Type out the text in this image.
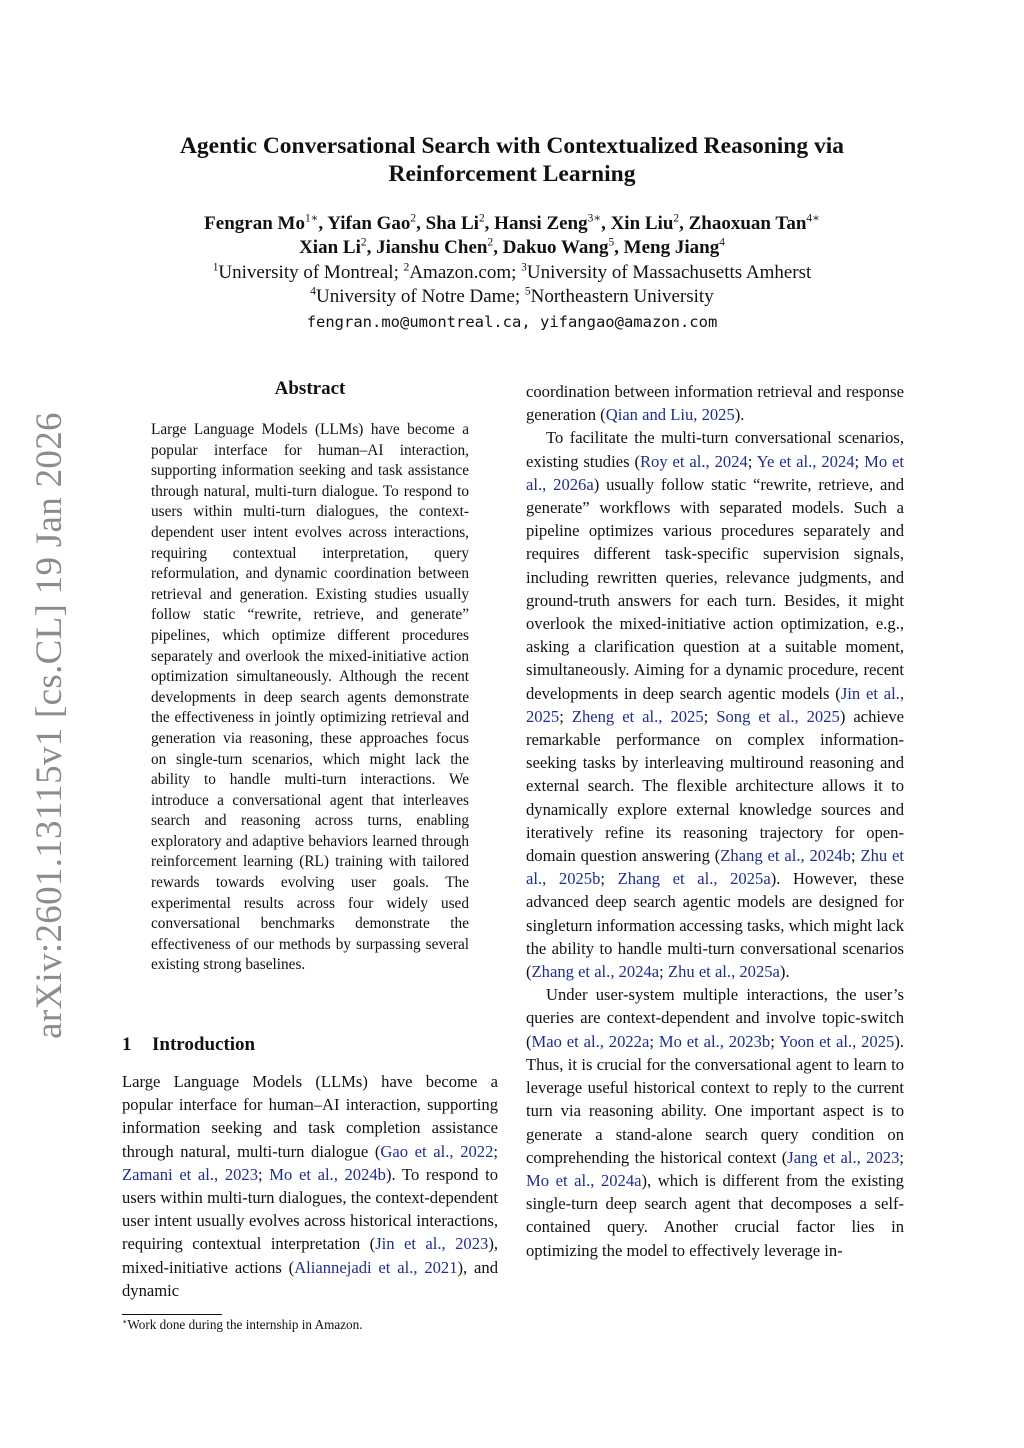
arXiv:2601.13115v1 [cs.CL] 19 Jan 2026
Agentic Conversational Search with Contextualized Reasoning via
Reinforcement Learning
Fengran $Mo^{1∗}$, Yifan Gao$^2$, Sha Li$^2$, Hansi Zeng$^{3∗}$, Xin Liu$^2$, Zhaoxuan Tan$^{4∗}$
Xian Li$^2$, Jianshu Chen$^2$, Dakuo Wang$^5$, Meng Jiang$^4$
$^1$University of Montreal; $^2$Amazon.com; $^3$University of Massachusetts Amherst
$^4$University of Notre Dame; $^5$Northeastern University
fengran.mo@umontreal.ca, yifangao@amazon.com
Abstract
Large Language Models (LLMs) have become a popular interface for human–AI interaction, supporting information seeking and task assistance through natural, multi-turn dialogue. To respond to users within multi-turn dialogues, the context-dependent user intent evolves across interactions, requiring contextual interpretation, query reformulation, and dynamic coordination between retrieval and generation. Existing studies usually follow static “rewrite, retrieve, and generate” pipelines, which optimize different procedures separately and overlook the mixed-initiative action optimization simultaneously. Although the recent developments in deep search agents demonstrate the effectiveness in jointly optimizing retrieval and generation via reasoning, these approaches focus on single-turn scenarios, which might lack the ability to handle multi-turn interactions. We introduce a conversational agent that interleaves search and reasoning across turns, enabling exploratory and adaptive behaviors learned through reinforcement learning (RL) training with tailored rewards towards evolving user goals. The experimental results across four widely used conversational benchmarks demonstrate the effectiveness of our methods by surpassing several existing strong baselines.
1 Introduction

Large Language Models (LLMs) have become a popular interface for human–AI interaction, supporting information seeking and task completion assistance through natural, multi-turn dialogue (Gao et al., 2022; Zamani et al., 2023; Mo et al., 2024b). To respond to users within multi-turn dialogues, the context-dependent user intent usually evolves across historical interactions, requiring contextual interpretation (Jin et al., 2023), mixed-initiative actions (Aliannejadi et al., 2021), and dynamic

∗Work done during the internship in Amazon.

coordination between information retrieval and response generation (Qian and Liu, 2025).

To facilitate the multi-turn conversational scenarios, existing studies (Roy et al., 2024; Ye et al., 2024; Mo et al., 2026a) usually follow static “rewrite, retrieve, and generate” workflows with separated models. Such a pipeline optimizes various procedures separately and requires different task-specific supervision signals, including rewritten queries, relevance judgments, and ground-truth answers for each turn. Besides, it might overlook the mixed-initiative action optimization, e.g., asking a clarification question at a suitable moment, simultaneously. Aiming for a dynamic procedure, recent developments in deep search agentic models (Jin et al., 2025; Zheng et al., 2025; Song et al., 2025) achieve remarkable performance on complex information-seeking tasks by interleaving multiround reasoning and external search. The flexible architecture allows it to dynamically explore external knowledge sources and iteratively refine its reasoning trajectory for open-domain question answering (Zhang et al., 2024b; Zhu et al., 2025b; Zhang et al., 2025a). However, these advanced deep search agentic models are designed for singleturn information accessing tasks, which might lack the ability to handle multi-turn conversational scenarios (Zhang et al., 2024a; Zhu et al., 2025a).

Under user-system multiple interactions, the user’s queries are context-dependent and involve topic-switch (Mao et al., 2022a; Mo et al., 2023b; Yoon et al., 2025). Thus, it is crucial for the conversational agent to learn to leverage useful historical context to reply to the current turn via reasoning ability. One important aspect is to generate a stand-alone search query condition on comprehending the historical context (Jang et al., 2023; Mo et al., 2024a), which is different from the existing single-turn deep search agent that decomposes a self-contained query. Another crucial factor lies in optimizing the model to effectively leverage in-
